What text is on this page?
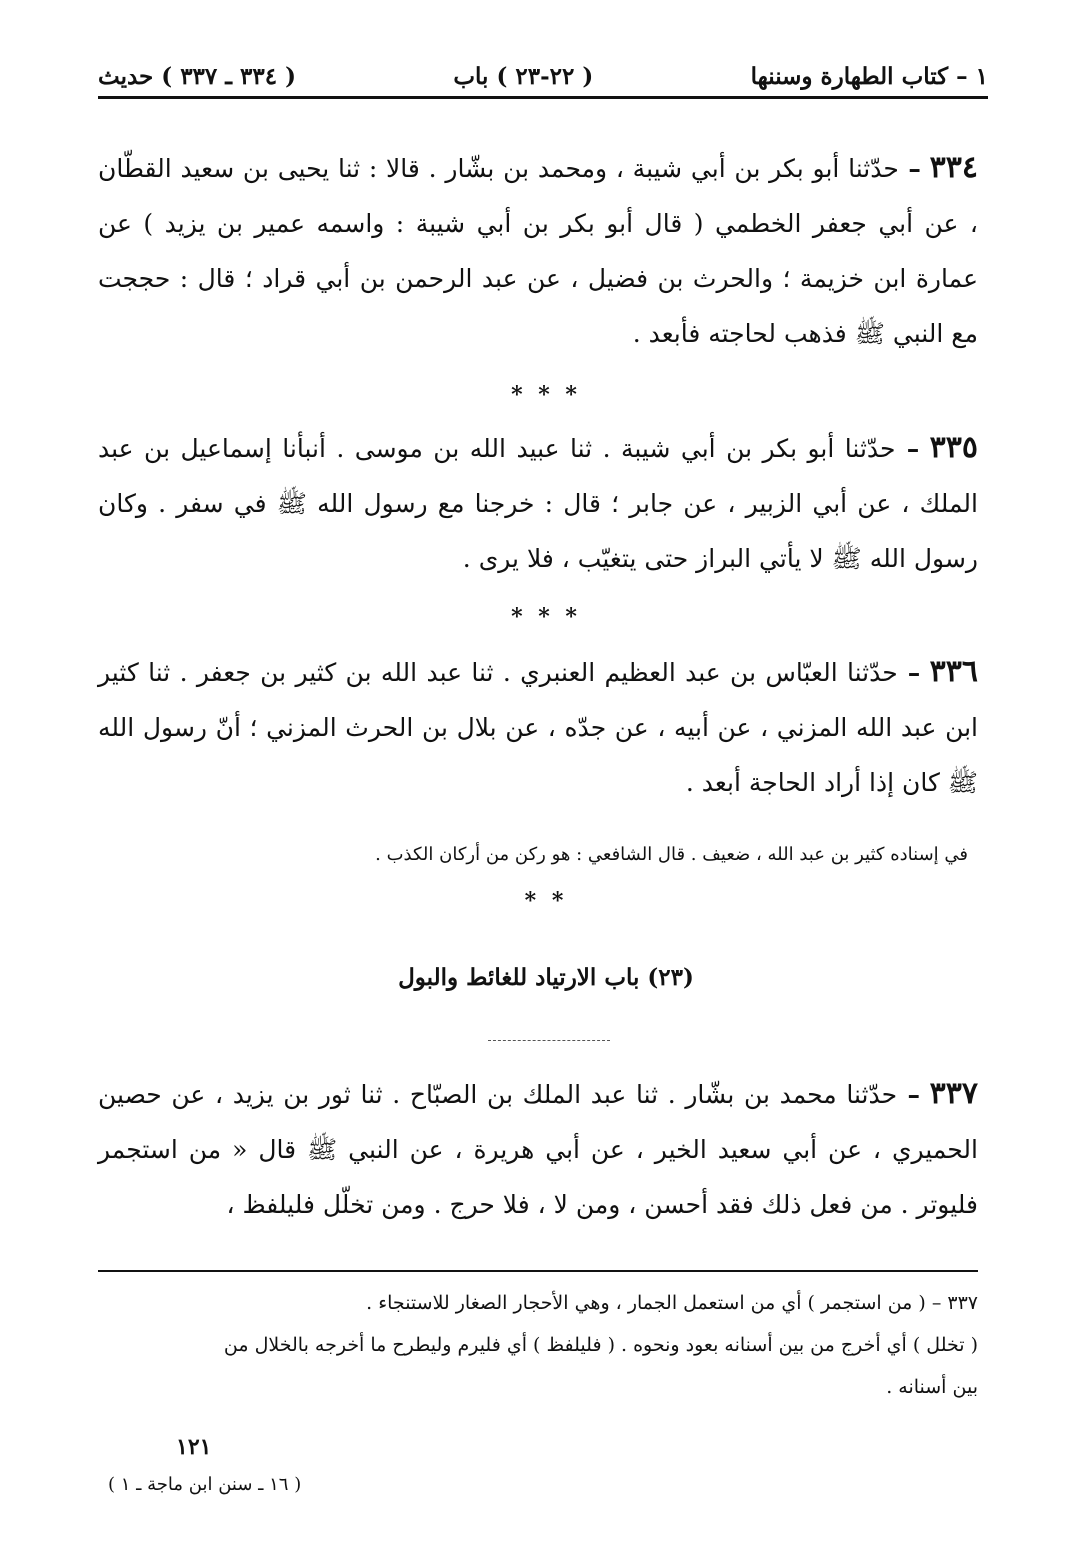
١ – كتاب الطهارة وسننها
( ٢٢-٢٣ ) باب
( ٣٣٤ ـ ٣٣٧ ) حديث
٣٣٤ – حدّثنا أبو بكر بن أبي شيبة ، ومحمد بن بشّار . قالا : ثنا يحيى بن سعيد القطّان ، عن أبي جعفر الخطمي ( قال أبو بكر بن أبي شيبة : واسمه عمير بن يزيد ) عن عمارة ابن خزيمة ؛ والحرث بن فضيل ، عن عبد الرحمن بن أبي قراد ؛ قال : حججت مع النبي ﷺ فذهب لحاجته فأبعد .
* * *
٣٣٥ – حدّثنا أبو بكر بن أبي شيبة . ثنا عبيد الله بن موسى . أنبأنا إسماعيل بن عبد الملك ، عن أبي الزبير ، عن جابر ؛ قال : خرجنا مع رسول الله ﷺ في سفر . وكان رسول الله ﷺ لا يأتي البراز حتى يتغيّب ، فلا يرى .
* * *
٣٣٦ – حدّثنا العبّاس بن عبد العظيم العنبري . ثنا عبد الله بن كثير بن جعفر . ثنا كثير ابن عبد الله المزني ، عن أبيه ، عن جدّه ، عن بلال بن الحرث المزني ؛ أنّ رسول الله ﷺ كان إذا أراد الحاجة أبعد .
في إسناده كثير بن عبد الله ، ضعيف . قال الشافعي : هو ركن من أركان الكذب .
* *
(٢٣) باب الارتياد للغائط والبول
٣٣٧ – حدّثنا محمد بن بشّار . ثنا عبد الملك بن الصبّاح . ثنا ثور بن يزيد ، عن حصين الحميري ، عن أبي سعيد الخير ، عن أبي هريرة ، عن النبي ﷺ قال « من استجمر فليوتر . من فعل ذلك فقد أحسن ، ومن لا ، فلا حرج . ومن تخلّل فليلفظ ،
٣٣٧ – ( من استجمر ) أي من استعمل الجمار ، وهي الأحجار الصغار للاستنجاء .
( تخلل ) أي أخرج من بين أسنانه بعود ونحوه . ( فليلفظ ) أي فليرم وليطرح ما أخرجه بالخلال من
بين أسنانه .
١٢١
( ١٦ ـ سنن ابن ماجة ـ ١ )
